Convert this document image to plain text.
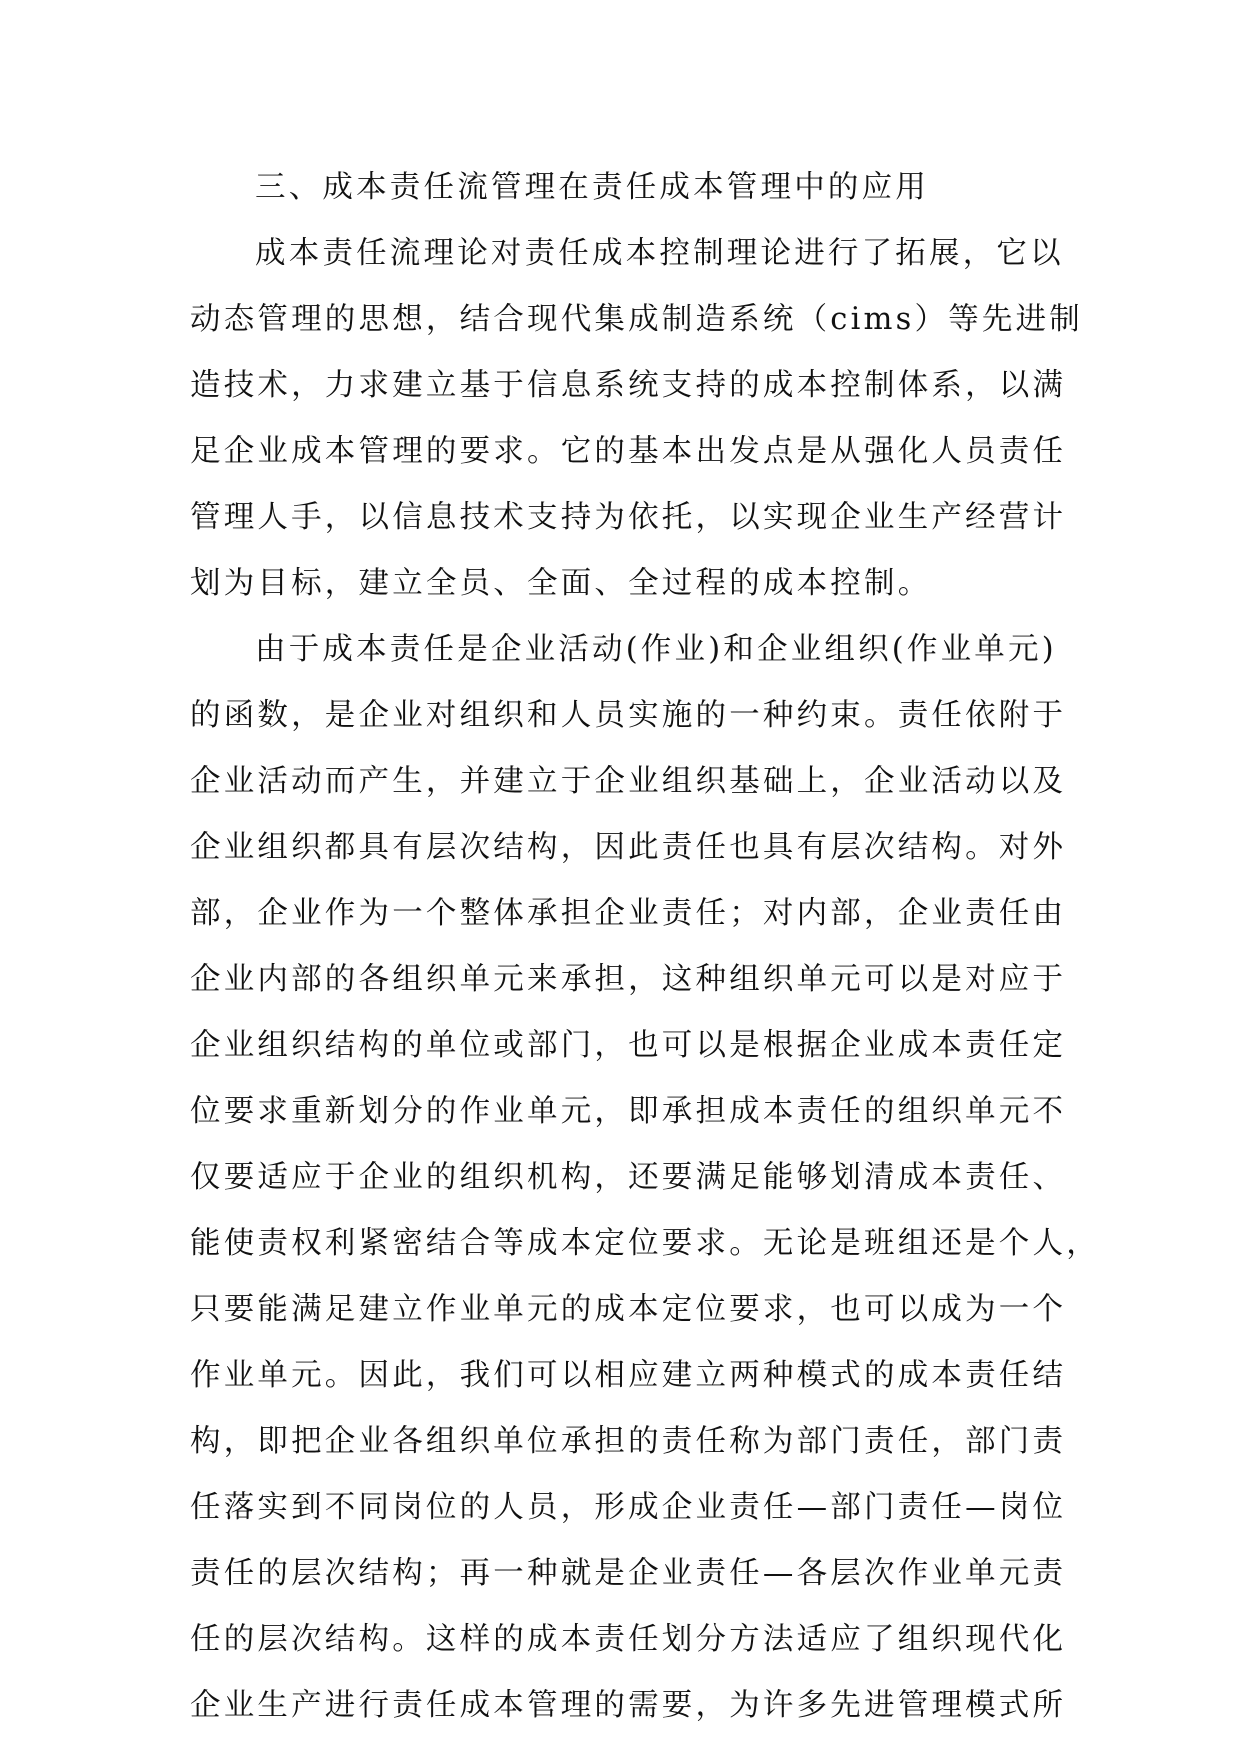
三、成本责任流管理在责任成本管理中的应用
成本责任流理论对责任成本控制理论进行了拓展，它以
动态管理的思想，结合现代集成制造系统（cims）等先进制
造技术，力求建立基于信息系统支持的成本控制体系，以满
足企业成本管理的要求。它的基本出发点是从强化人员责任
管理人手，以信息技术支持为依托，以实现企业生产经营计
划为目标，建立全员、全面、全过程的成本控制。
由于成本责任是企业活动(作业)和企业组织(作业单元)
的函数，是企业对组织和人员实施的一种约束。责任依附于
企业活动而产生，并建立于企业组织基础上，企业活动以及
企业组织都具有层次结构，因此责任也具有层次结构。对外
部，企业作为一个整体承担企业责任；对内部，企业责任由
企业内部的各组织单元来承担，这种组织单元可以是对应于
企业组织结构的单位或部门，也可以是根据企业成本责任定
位要求重新划分的作业单元，即承担成本责任的组织单元不
仅要适应于企业的组织机构，还要满足能够划清成本责任、
能使责权利紧密结合等成本定位要求。无论是班组还是个人，
只要能满足建立作业单元的成本定位要求，也可以成为一个
作业单元。因此，我们可以相应建立两种模式的成本责任结
构，即把企业各组织单位承担的责任称为部门责任，部门责
任落实到不同岗位的人员，形成企业责任—部门责任—岗位
责任的层次结构；再一种就是企业责任—各层次作业单元责
任的层次结构。这样的成本责任划分方法适应了组织现代化
企业生产进行责任成本管理的需要，为许多先进管理模式所
